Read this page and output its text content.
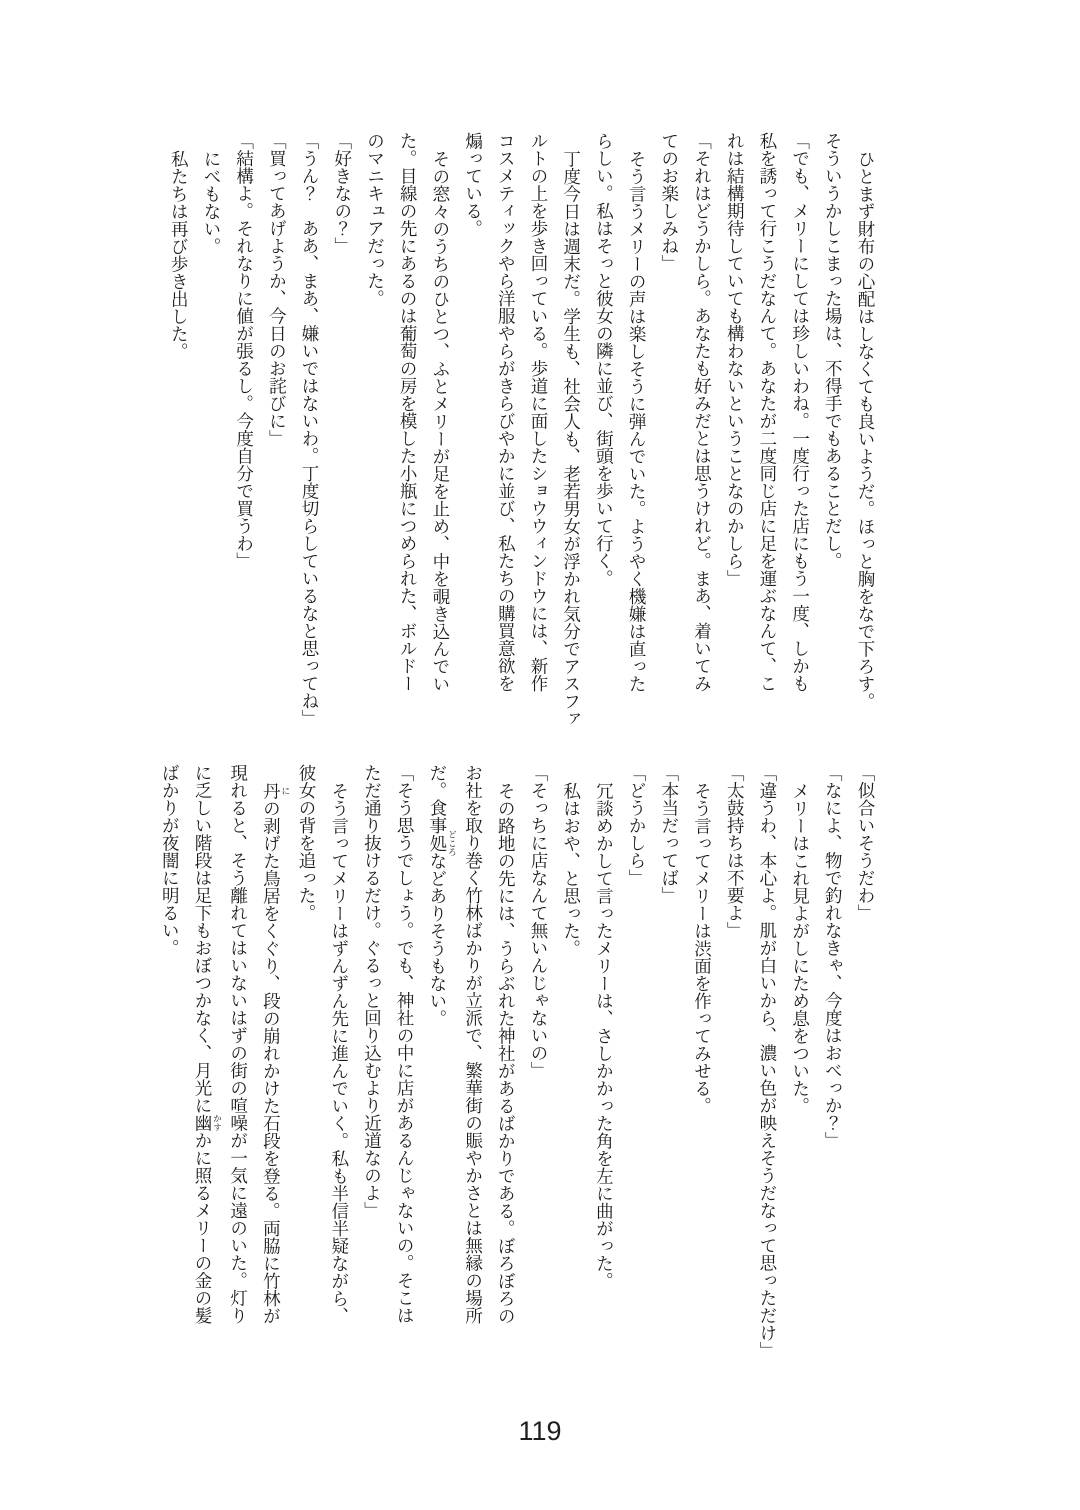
ひとまず財布の心配はしなくても良いようだ。ほっと胸をなで下ろす。
そういうかしこまった場は、不得手でもあることだし。
「でも、メリーにしては珍しいわね。一度行った店にもう一度、しかも
私を誘って行こうだなんて。あなたが二度同じ店に足を運ぶなんて、こ
れは結構期待していても構わないということなのかしら」
「それはどうかしら。あなたも好みだとは思うけれど。まあ、着いてみ
てのお楽しみね」
そう言うメリーの声は楽しそうに弾んでいた。ようやく機嫌は直った
らしい。私はそっと彼女の隣に並び、街頭を歩いて行く。
丁度今日は週末だ。学生も、社会人も、老若男女が浮かれ気分でアスファ
ルトの上を歩き回っている。歩道に面したショウウィンドウには、新作
コスメティックやら洋服やらがきらびやかに並び、私たちの購買意欲を
煽っている。
その窓々のうちのひとつ、ふとメリーが足を止め、中を覗き込んでい
た。目線の先にあるのは葡萄の房を模した小瓶につめられた、ボルドー
のマニキュアだった。
「好きなの？」
「うん？　ああ、まあ、嫌いではないわ。丁度切らしているなと思ってね」
「買ってあげようか、今日のお詫びに」
「結構よ。それなりに値が張るし。今度自分で買うわ」
にべもない。
私たちは再び歩き出した。
「似合いそうだわ」
「なによ、物で釣れなきゃ、今度はおべっか？」
メリーはこれ見よがしにため息をついた。
「違うわ、本心よ。肌が白いから、濃い色が映えそうだなって思っただけ」
「太鼓持ちは不要よ」
そう言ってメリーは渋面を作ってみせる。
「本当だってば」
「どうかしら」
冗談めかして言ったメリーは、さしかかった角を左に曲がった。
私はおや、と思った。
「そっちに店なんて無いんじゃないの」
その路地の先には、うらぶれた神社があるばかりである。ぼろぼろの
お社を取り巻く竹林ばかりが立派で、繁華街の賑やかさとは無縁の場所
だ。食事処 どころなどありそうもない。
「そう思うでしょう。でも、神社の中に店があるんじゃないの。そこは
ただ通り抜けるだけ。ぐるっと回り込むより近道なのよ」
そう言ってメリーはずんずん先に進んでいく。私も半信半疑ながら、
彼女の背を追った。
丹 にの剥げた鳥居をくぐり、段の崩れかけた石段を登る。両脇に竹林が
現れると、そう離れてはいないはずの街の喧噪が一気に遠のいた。灯り
に乏しい階段は足下もおぼつかなく、月光に幽 かすかに照るメリーの金の髪
ばかりが夜闇に明るい。
119
